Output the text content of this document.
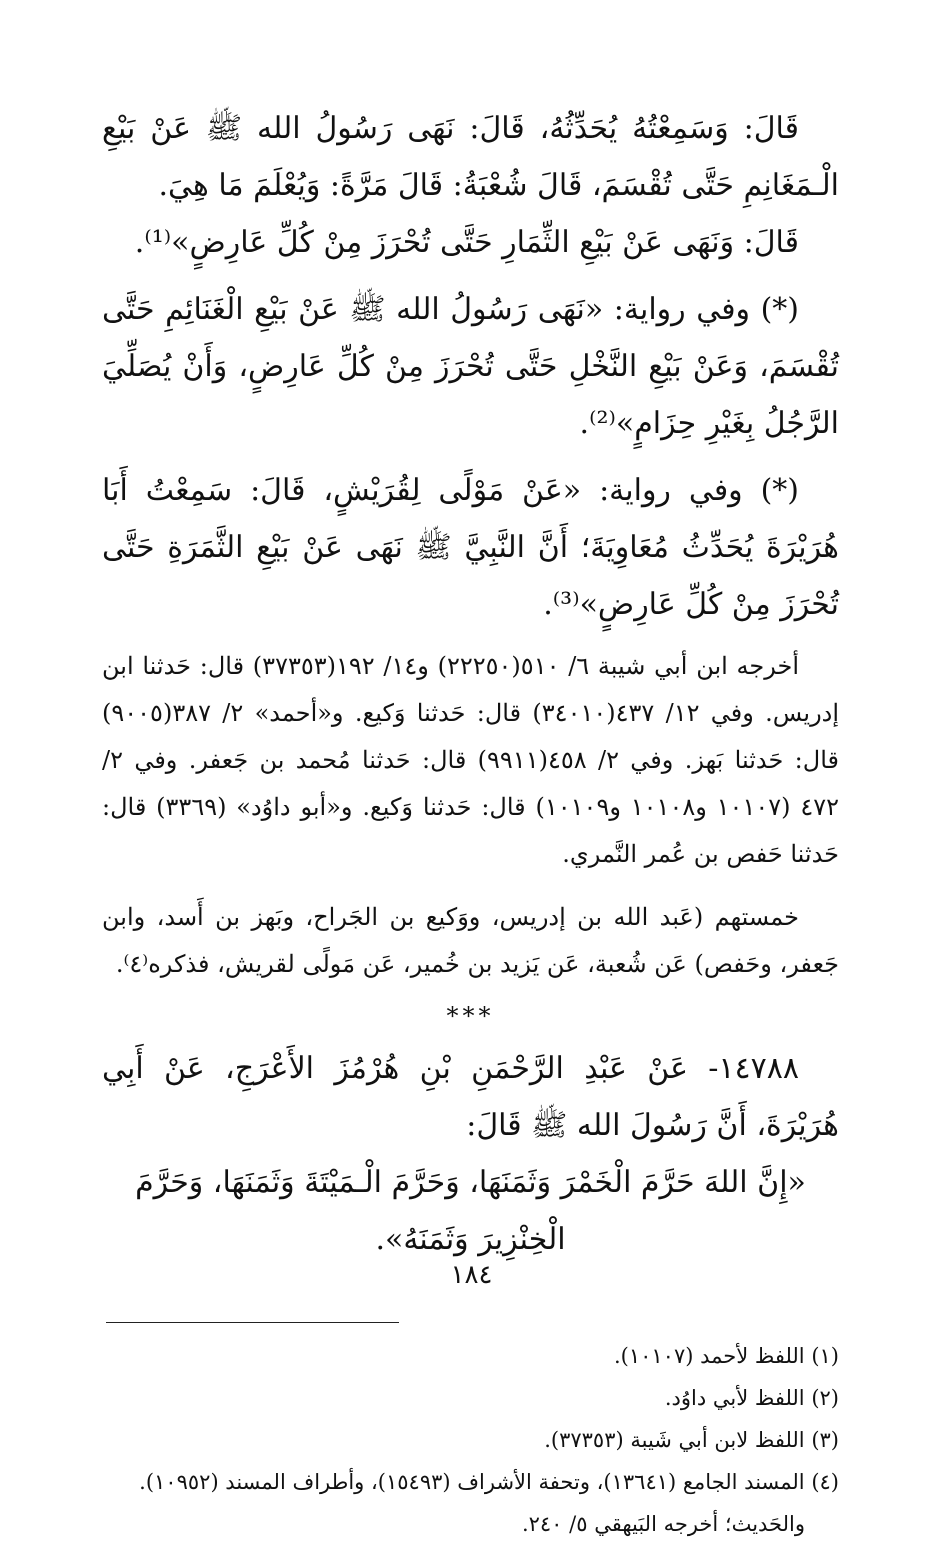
قَالَ: وَسَمِعْتُهُ يُحَدِّثُهُ، قَالَ: نَهَى رَسُولُ الله ﷺ عَنْ بَيْعِ الْـمَغَانِمِ حَتَّى تُقْسَمَ، قَالَ شُعْبَةُ: قَالَ مَرَّةً: وَيُعْلَمَ مَا هِيَ.

قَالَ: وَنَهَى عَنْ بَيْعِ الثِّمَارِ حَتَّى تُحْرَزَ مِنْ كُلِّ عَارِضٍ»⁽¹⁾.

(*) وفي رواية: «نَهَى رَسُولُ الله ﷺ عَنْ بَيْعِ الْغَنَائِمِ حَتَّى تُقْسَمَ، وَعَنْ بَيْعِ النَّخْلِ حَتَّى تُحْرَزَ مِنْ كُلِّ عَارِضٍ، وَأَنْ يُصَلِّيَ الرَّجُلُ بِغَيْرِ حِزَامٍ»⁽²⁾.

(*) وفي رواية: «عَنْ مَوْلًى لِقُرَيْشٍ، قَالَ: سَمِعْتُ أَبَا هُرَيْرَةَ يُحَدِّثُ مُعَاوِيَةَ؛ أَنَّ النَّبِيَّ ﷺ نَهَى عَنْ بَيْعِ الثَّمَرَةِ حَتَّى تُحْرَزَ مِنْ كُلِّ عَارِضٍ»⁽³⁾.

أخرجه ابن أبي شيبة ٦/ ٥١٠(٢٢٢٥٠) و١٤/ ١٩٢(٣٧٣٥٣) قال: حَدثنا ابن إدريس. وفي ١٢/ ٤٣٧(٣٤٠١٠) قال: حَدثنا وَكيع. و«أحمد» ٢/ ٣٨٧(٩٠٠٥) قال: حَدثنا بَهز. وفي ٢/ ٤٥٨(٩٩١١) قال: حَدثنا مُحمد بن جَعفر. وفي ٢/ ٤٧٢ (١٠١٠٧ و١٠١٠٨ و١٠١٠٩) قال: حَدثنا وَكيع. و«أبو داوُد» (٣٣٦٩) قال: حَدثنا حَفص بن عُمر النَّمري.

خمستهم (عَبد الله بن إدريس، ووَكيع بن الجَراح، وبَهز بن أَسد، وابن جَعفر، وحَفص) عَن شُعبة، عَن يَزيد بن خُمير، عَن مَولًى لقريش، فذكره⁽٤⁾.

***

١٤٧٨٨- عَنْ عَبْدِ الرَّحْمَنِ بْنِ هُرْمُزَ الأَعْرَجِ، عَنْ أَبِي هُرَيْرَةَ، أَنَّ رَسُولَ الله ﷺ قَالَ:

«إِنَّ اللهَ حَرَّمَ الْخَمْرَ وَثَمَنَهَا، وَحَرَّمَ الْـمَيْتَةَ وَثَمَنَهَا، وَحَرَّمَ الْخِنْزِيرَ وَثَمَنَهُ».

(١) اللفظ لأحمد (١٠١٠٧).
(٢) اللفظ لأبي داوُد.
(٣) اللفظ لابن أبي شَيبة (٣٧٣٥٣).
(٤) المسند الجامع (١٣٦٤١)، وتحفة الأشراف (١٥٤٩٣)، وأطراف المسند (١٠٩٥٢).
والحَديث؛ أخرجه البَيهقي ٥/ ٢٤٠.
١٨٤
